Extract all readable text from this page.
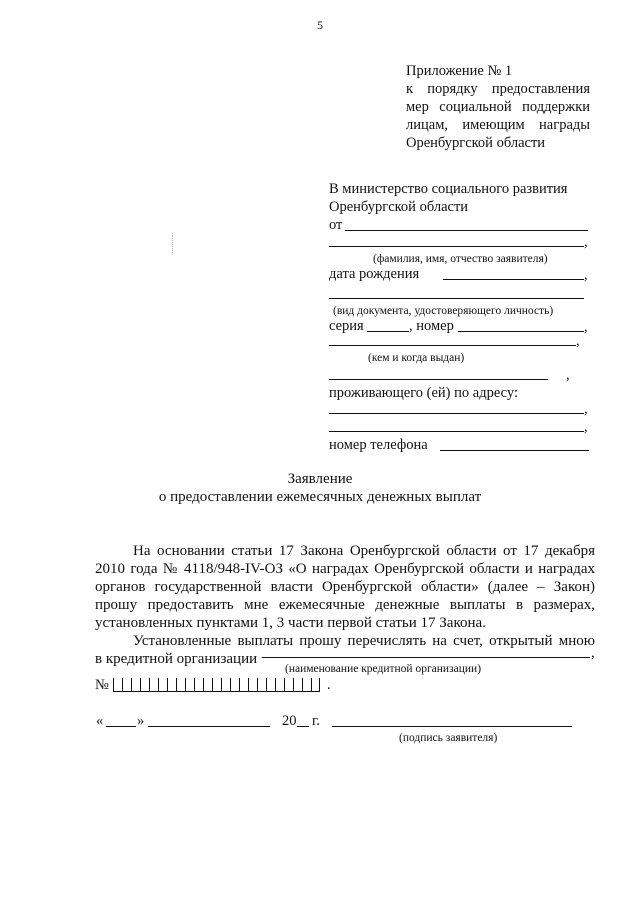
5
Приложение № 1
к порядку предоставления
мер социальной поддержки
лицам, имеющим награды
Оренбургской области
В министерство социального развития
Оренбургской области
от
,
(фамилия, имя, отчество заявителя)
дата рождения	,
(вид документа, удостоверяющего личность)
серия	, номер	,
,
(кем и когда выдан)
,
проживающего (ей) по адресу:
,
,
номер телефона
Заявление
о предоставлении ежемесячных денежных выплат
На основании статьи 17 Закона Оренбургской области от 17 декабря
2010 года № 4118/948-IV-ОЗ «О наградах Оренбургской области и наградах
органов государственной власти Оренбургской области» (далее – Закон)
прошу предоставить мне ежемесячные денежные выплаты в размерах,
установленных пунктами 1, 3 части первой статьи 17 Закона.
Установленные выплаты прошу перечислять на счет, открытый мною
в кредитной организации	,
(наименование кредитной организации)
№	.
« »	20 г.
(подпись заявителя)
